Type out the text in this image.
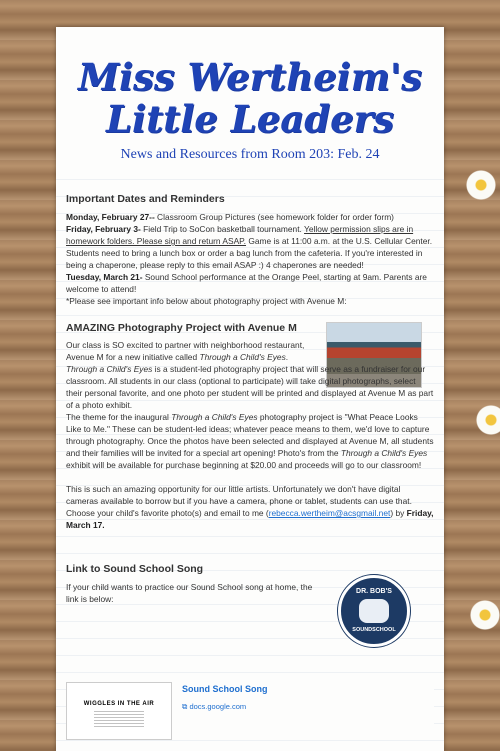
Miss Wertheim's
Little Leaders
News and Resources from Room 203: Feb. 24
Important Dates and Reminders

Monday, February 27-- Classroom Group Pictures (see homework folder for order form)

Friday, February 3- Field Trip to SoCon basketball tournament. Yellow permission slips are in homework folders. Please sign and return ASAP. Game is at 11:00 a.m. at the U.S. Cellular Center. Students need to bring a lunch box or order a bag lunch from the cafeteria. If you're interested in being a chaperone, please reply to this email ASAP :) 4 chaperones are needed!

Tuesday, March 21- Sound School performance at the Orange Peel, starting at 9am. Parents are welcome to attend!

*Please see important info below about photography project with Avenue M:

AMAZING Photography Project with Avenue M

Our class is SO excited to partner with neighborhood restaurant, Avenue M for a new initiative called Through a Child's Eyes.

Through a Child's Eyes is a student-led photography project that will serve as a fundraiser for our classroom. All students in our class (optional to participate) will take digital photographs, select their personal favorite, and one photo per student will be printed and displayed at Avenue M as part of a photo exhibit.

The theme for the inaugural Through a Child's Eyes photography project is "What Peace Looks Like to Me." These can be student-led ideas; whatever peace means to them, we'd love to capture through photography. Once the photos have been selected and displayed at Avenue M, all students and their families will be invited for a special art opening! Photo's from the Through a Child's Eyes exhibit will be available for purchase beginning at $20.00 and proceeds will go to our classroom!

This is such an amazing opportunity for our little artists. Unfortunately we don't have digital cameras available to borrow but if you have a camera, phone or tablet, students can use that. Choose your child's favorite photo(s) and email to me (rebecca.wertheim@acsgmail.net) by Friday, March 17.

Link to Sound School Song
If your child wants to practice our Sound School song at home, the link is below:
DR. BOB'S
SOUNDSCHOOL
WIGGLES IN THE AIR
Sound School Song
⧉ docs.google.com
